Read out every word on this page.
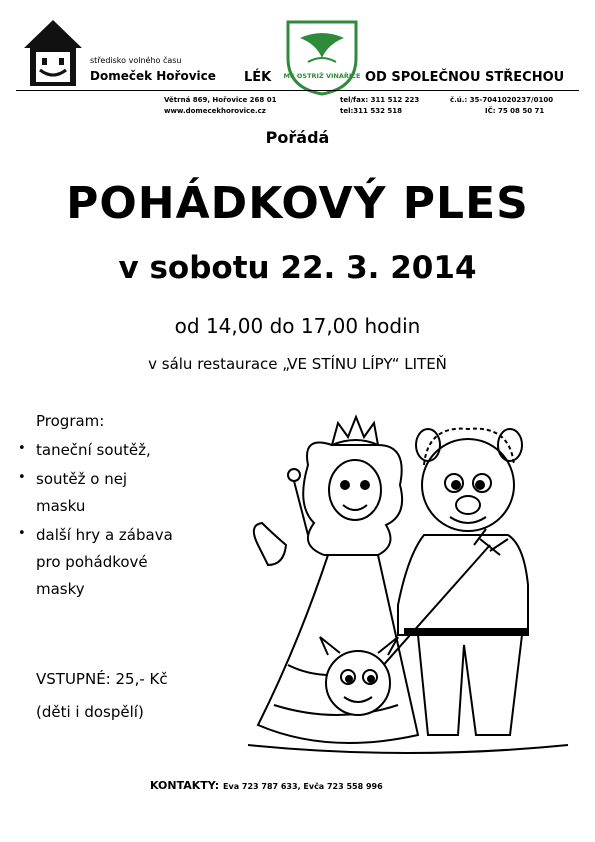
středisko volného času
Domeček Hořovice	MS OSTRIŽ VINAŘICE
LÉK	OD SPOLEČNOU STŘECHOU
Větrná 869, Hořovice 268 01
www.domecekhorovice.cz
tel/fax: 311 512 223
tel:311 532 518
č.ú.: 35-7041020237/0100
IČ: 75 08 50 71
Pořádá
POHÁDKOVÝ PLES
v sobotu 22. 3. 2014
od 14,00 do 17,00 hodin
v sálu restaurace „VE STÍNU LÍPY“ LITEŇ
Program:
• taneční soutěž,
• soutěž o nej
masku
• další hry a zábava
pro pohádkové
masky
VSTUPNÉ: 25,- Kč
(děti i dospělí)
KONTAKTY: Eva 723 787 633, Evča 723 558 996
